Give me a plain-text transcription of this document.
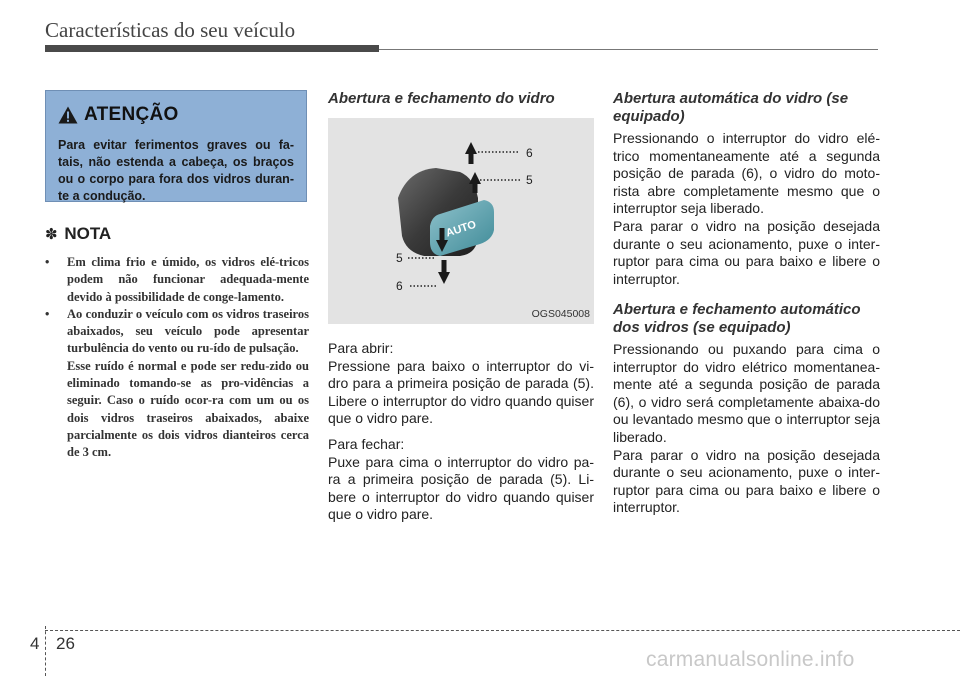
Características do seu veículo
ATENÇÃO
Para evitar ferimentos graves ou fa-tais, não estenda a cabeça, os braços ou o corpo para fora dos vidros duran-te a condução.
✽ NOTA
• Em clima frio e úmido, os vidros elé-tricos podem não funcionar adequada-mente devido à possibilidade de conge-lamento.

• Ao conduzir o veículo com os vidros traseiros abaixados, seu veículo pode apresentar turbulência do vento ou ru-ído de pulsação.

Esse ruído é normal e pode ser redu-zido ou eliminado tomando-se as pro-vidências a seguir. Caso o ruído ocor-ra com um ou os dois vidros traseiros abaixados, abaixe parcialmente os dois vidros dianteiros cerca de 3 cm.

Abertura e fechamento do vidro
AUTO
6
5
5
6
OGS045008

Para abrir:

Pressione para baixo o interruptor do vi-dro para a primeira posição de parada (5). Libere o interruptor do vidro quando quiser que o vidro pare.

Para fechar:

Puxe para cima o interruptor do vidro pa-ra a primeira posição de parada (5). Li-bere o interruptor do vidro quando quiser que o vidro pare.

Abertura automática do vidro (se equipado)

Pressionando o interruptor do vidro elé-trico momentaneamente até a segunda posição de parada (6), o vidro do moto-rista abre completamente mesmo que o interruptor seja liberado.

Para parar o vidro na posição desejada durante o seu acionamento, puxe o inter-ruptor para cima ou para baixo e libere o interruptor.

Abertura e fechamento automático dos vidros (se equipado)

Pressionando ou puxando para cima o interruptor do vidro elétrico momentanea-mente até a segunda posição de parada (6), o vidro será completamente abaixa-do ou levantado mesmo que o interruptor seja liberado.

Para parar o vidro na posição desejada durante o seu acionamento, puxe o inter-ruptor para cima ou para baixo e libere o interruptor.

4 26
carmanualsonline.info
